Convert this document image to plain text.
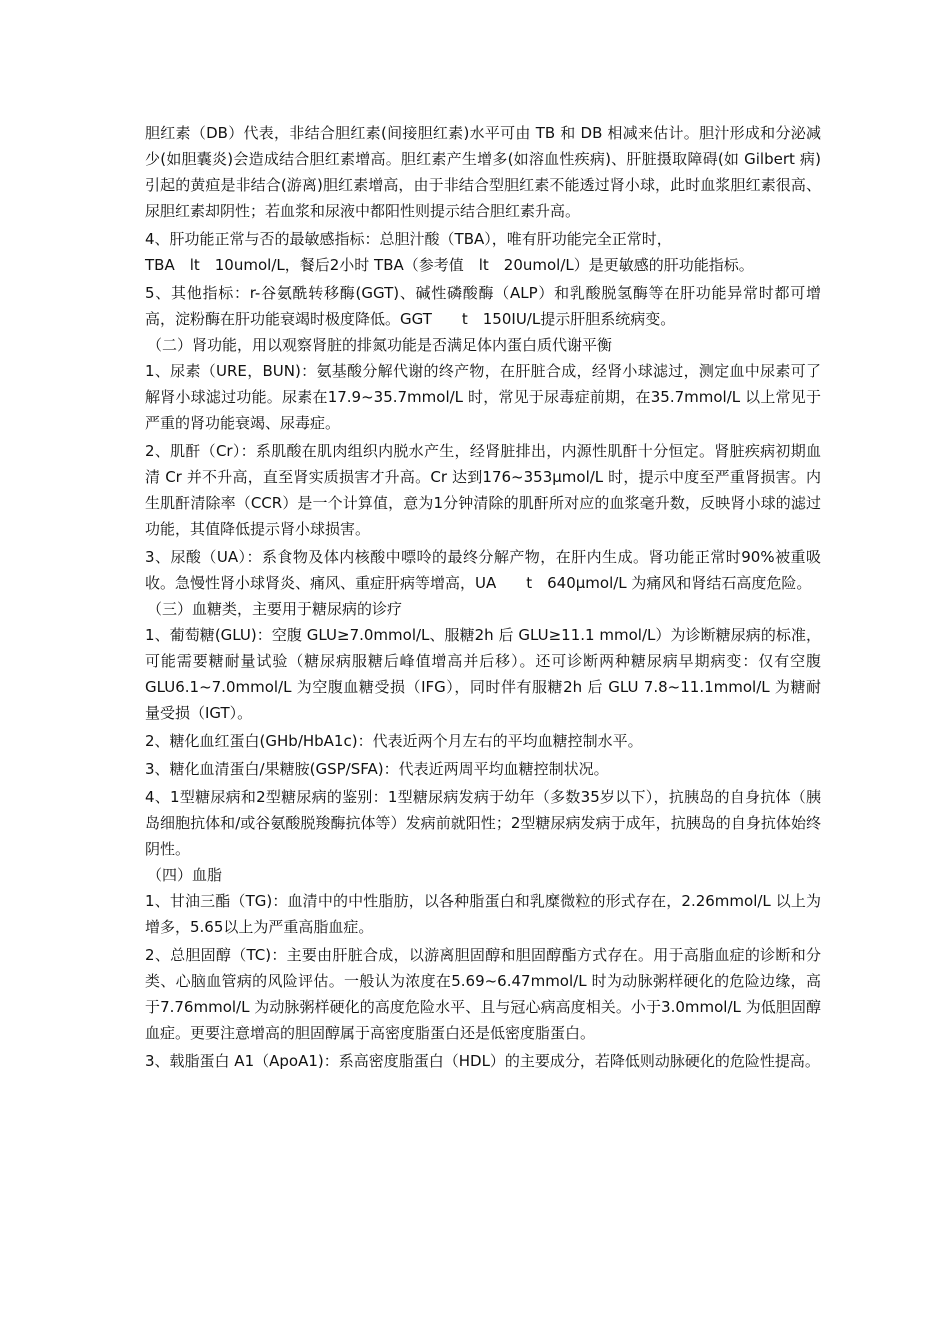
胆红素（DB）代表，非结合胆红素(间接胆红素)水平可由 TB 和 DB 相减来估计。胆汁形成和分泌减少(如胆囊炎)会造成结合胆红素增高。胆红素产生增多(如溶血性疾病)、肝脏摄取障碍(如 Gilbert 病)引起的黄疸是非结合(游离)胆红素增高，由于非结合型胆红素不能透过肾小球，此时血浆胆红素很高、尿胆红素却阴性；若血浆和尿液中都阳性则提示结合胆红素升高。

4、肝功能正常与否的最敏感指标：总胆汁酸（TBA），唯有肝功能完全正常时，

TBA　lt　10umol/L，餐后2小时 TBA（参考值　lt　20umol/L）是更敏感的肝功能指标。

5、其他指标：r-谷氨酰转移酶(GGT)、碱性磷酸酶（ALP）和乳酸脱氢酶等在肝功能异常时都可增高，淀粉酶在肝功能衰竭时极度降低。GGT　　t　150IU/L提示肝胆系统病变。

（二）肾功能，用以观察肾脏的排氮功能是否满足体内蛋白质代谢平衡

1、尿素（URE，BUN)：氨基酸分解代谢的终产物，在肝脏合成，经肾小球滤过，测定血中尿素可了解肾小球滤过功能。尿素在17.9~35.7mmol/L 时，常见于尿毒症前期，在35.7mmol/L 以上常见于严重的肾功能衰竭、尿毒症。

2、肌酐（Cr）：系肌酸在肌肉组织内脱水产生，经肾脏排出，内源性肌酐十分恒定。肾脏疾病初期血清 Cr 并不升高，直至肾实质损害才升高。Cr 达到176~353μmol/L 时，提示中度至严重肾损害。内生肌酐清除率（CCR）是一个计算值，意为1分钟清除的肌酐所对应的血浆毫升数，反映肾小球的滤过功能，其值降低提示肾小球损害。

3、尿酸（UA）：系食物及体内核酸中嘌呤的最终分解产物，在肝内生成。肾功能正常时90%被重吸收。急慢性肾小球肾炎、痛风、重症肝病等增高，UA　　t　640μmol/L 为痛风和肾结石高度危险。

（三）血糖类，主要用于糖尿病的诊疗

1、葡萄糖(GLU)：空腹 GLU≥7.0mmol/L、服糖2h 后 GLU≥11.1 mmol/L）为诊断糖尿病的标准，可能需要糖耐量试验（糖尿病服糖后峰值增高并后移）。还可诊断两种糖尿病早期病变：仅有空腹 GLU6.1~7.0mmol/L 为空腹血糖受损（IFG），同时伴有服糖2h 后 GLU 7.8~11.1mmol/L 为糖耐量受损（IGT）。

2、糖化血红蛋白(GHb/HbA1c)：代表近两个月左右的平均血糖控制水平。

3、糖化血清蛋白/果糖胺(GSP/SFA)：代表近两周平均血糖控制状况。

4、1型糖尿病和2型糖尿病的鉴别：1型糖尿病发病于幼年（多数35岁以下），抗胰岛的自身抗体（胰岛细胞抗体和/或谷氨酸脱羧酶抗体等）发病前就阳性；2型糖尿病发病于成年，抗胰岛的自身抗体始终阴性。

（四）血脂

1、甘油三酯（TG)：血清中的中性脂肪，以各种脂蛋白和乳糜微粒的形式存在，2.26mmol/L 以上为增多，5.65以上为严重高脂血症。

2、总胆固醇（TC)：主要由肝脏合成，以游离胆固醇和胆固醇酯方式存在。用于高脂血症的诊断和分类、心脑血管病的风险评估。一般认为浓度在5.69~6.47mmol/L 时为动脉粥样硬化的危险边缘，高于7.76mmol/L 为动脉粥样硬化的高度危险水平、且与冠心病高度相关。小于3.0mmol/L 为低胆固醇血症。更要注意增高的胆固醇属于高密度脂蛋白还是低密度脂蛋白。

3、载脂蛋白 A1（ApoA1)：系高密度脂蛋白（HDL）的主要成分，若降低则动脉硬化的危险性提高。
